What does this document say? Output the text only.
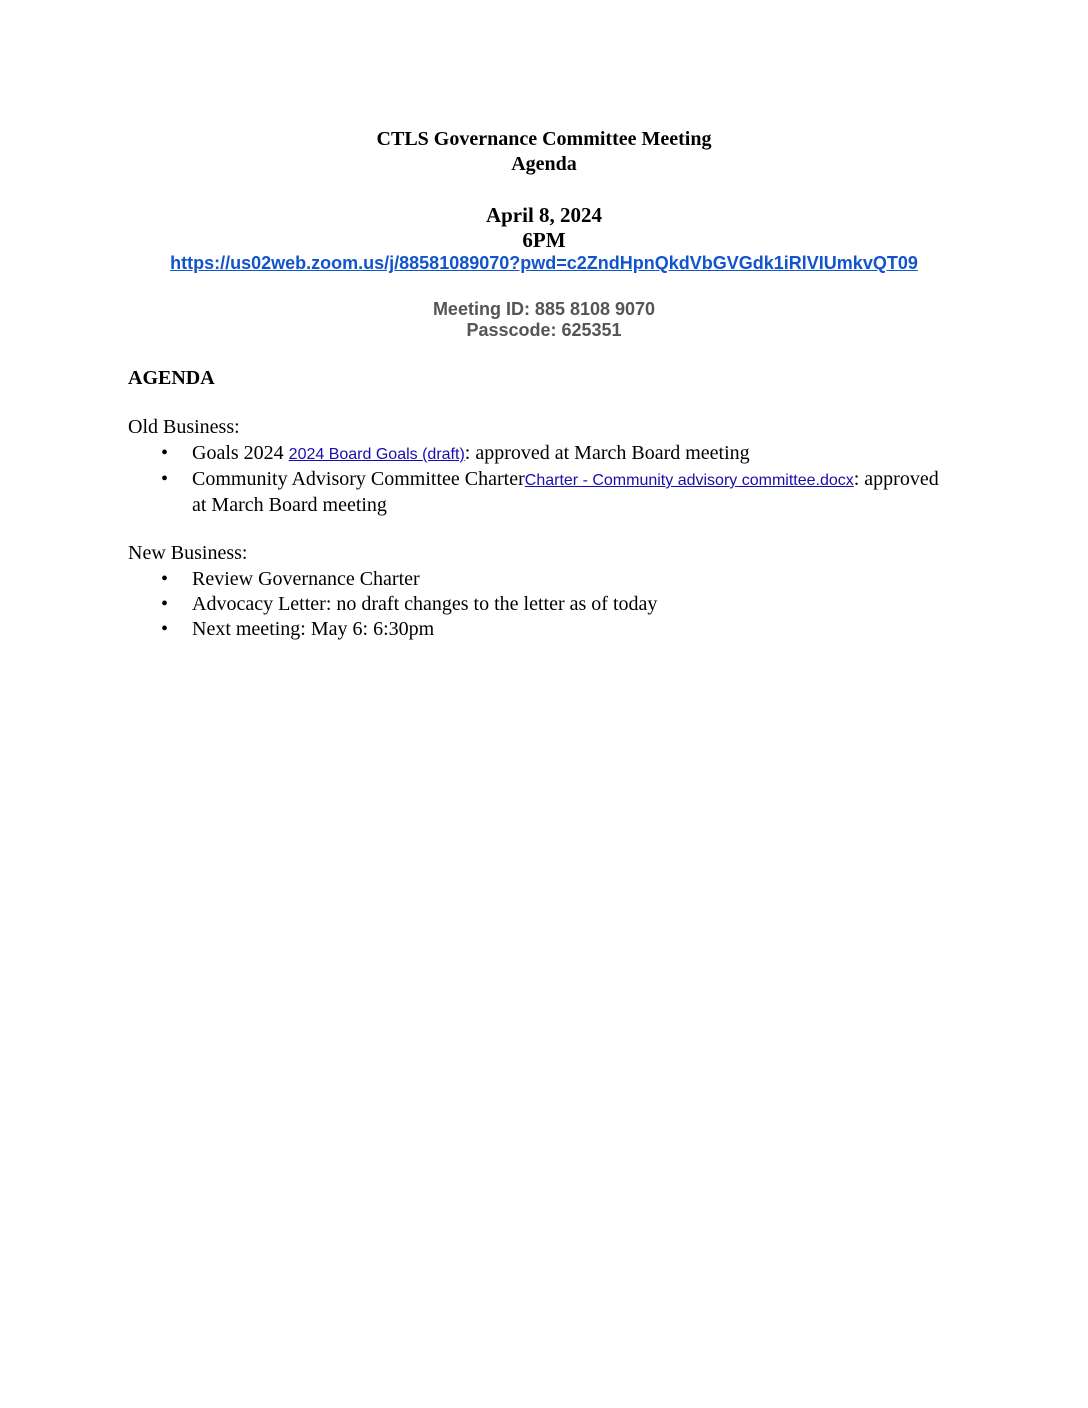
CTLS Governance Committee Meeting
Agenda
April 8, 2024
6PM
https://us02web.zoom.us/j/88581089070?pwd=c2ZndHpnQkdVbGVGdk1iRlVIUmkvQT09
Meeting ID: 885 8108 9070
Passcode: 625351
AGENDA
Old Business:
• Goals 2024 2024 Board Goals (draft): approved at March Board meeting
• Community Advisory Committee CharterCharter - Community advisory committee.docx: approved at March Board meeting
New Business:
• Review Governance Charter
• Advocacy Letter: no draft changes to the letter as of today
• Next meeting: May 6: 6:30pm
